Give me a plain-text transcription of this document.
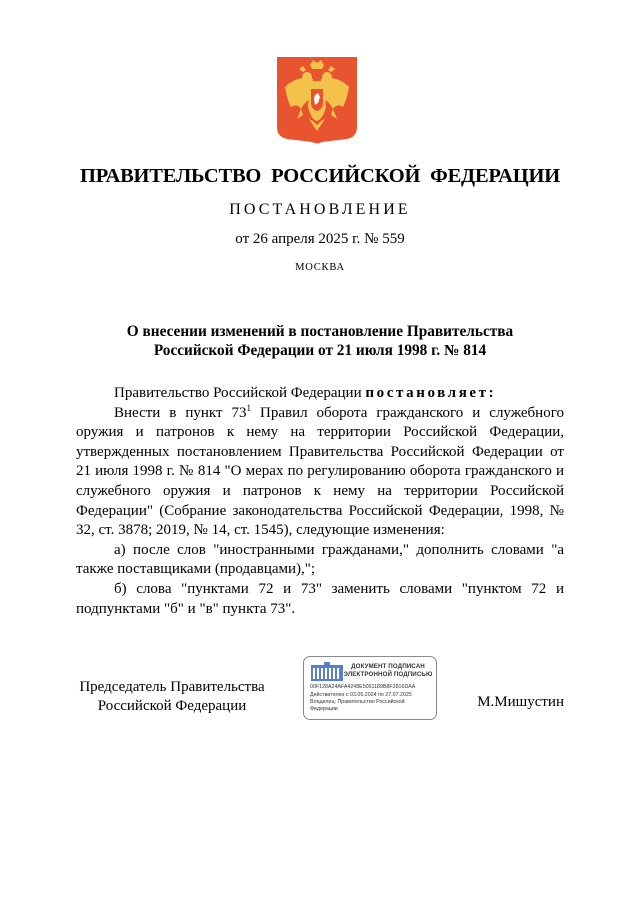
ПРАВИТЕЛЬСТВО РОССИЙСКОЙ ФЕДЕРАЦИИ
ПОСТАНОВЛЕНИЕ
от 26 апреля 2025 г. № 559
МОСКВА
О внесении изменений в постановление Правительства
Российской Федерации от 21 июля 1998 г. № 814

Правительство Российской Федерации постановляет:

Внести в пункт $73^1$ Правил оборота гражданского и служебного оружия и патронов к нему на территории Российской Федерации, утвержденных постановлением Правительства Российской Федерации от 21 июля 1998 г. № 814 "О мерах по регулированию оборота гражданского и служебного оружия и патронов к нему на территории Российской Федерации" (Собрание законодательства Российской Федерации, 1998, № 32, ст. 3878; 2019, № 14, ст. 1545), следующие изменения:

а) после слов "иностранными гражданами," дополнить словами "а также поставщиками (продавцами),";

б) слова "пунктами 72 и 73" заменить словами "пунктом 72 и подпунктами "б" и "в" пункта 73".

Председатель Правительства
Российской Федерации
ДОКУМЕНТ ПОДПИСАН
ЭЛЕКТРОННОЙ ПОДПИСЬЮ
00F128A24AFA4248E5061189B8F2816DAA
Действителен с 03.05.2024 по 27.07.2025
Владелец: Правительство Российской
Федерации	М.Мишустин
